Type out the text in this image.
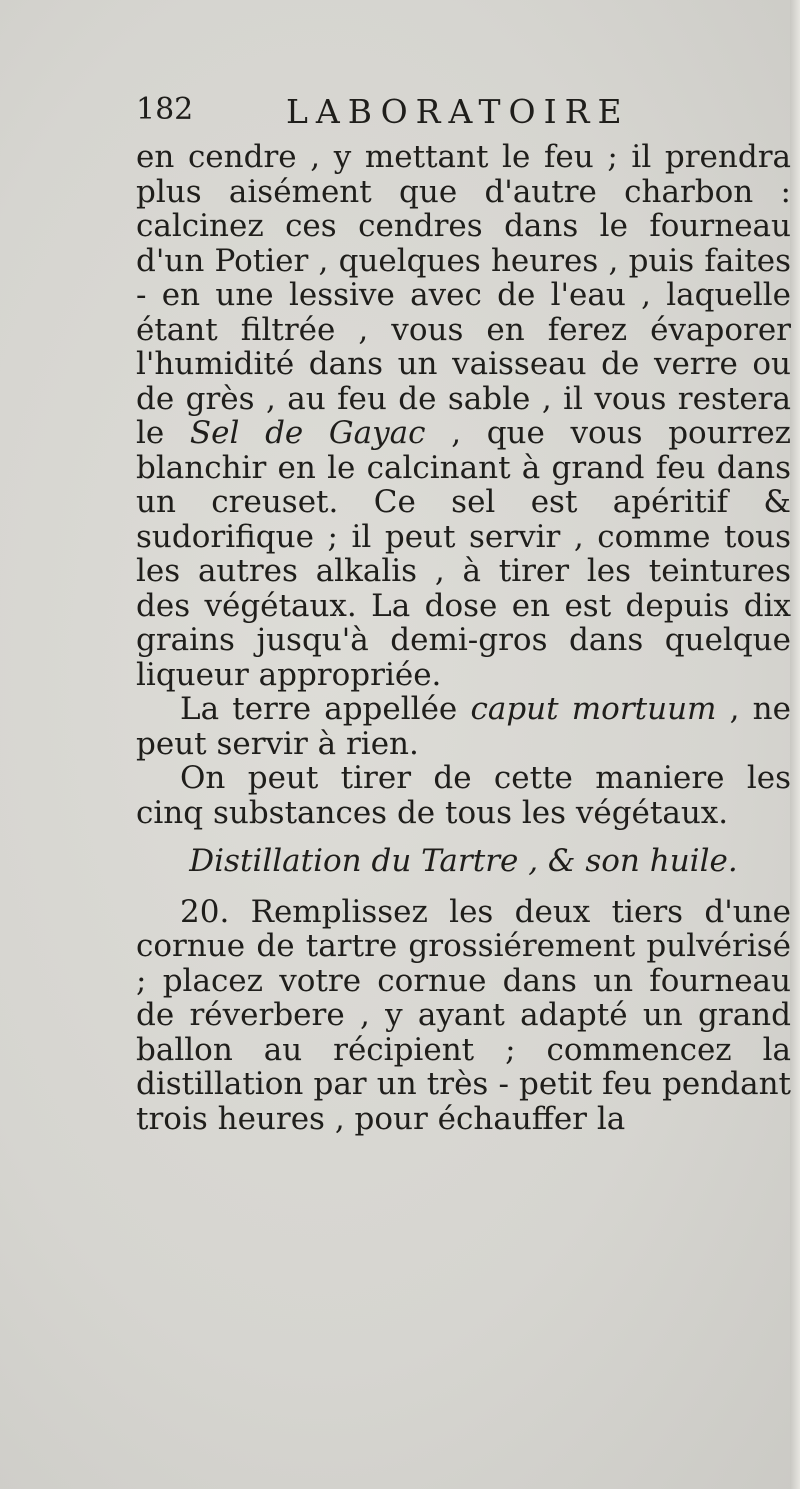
182	LABORATOIRE

en cendre , y mettant le feu ; il prendra plus aisément que d'autre charbon : calcinez ces cendres dans le fourneau d'un Potier , quelques heures , puis faites - en une lessive avec de l'eau , laquelle étant filtrée , vous en ferez évaporer l'humidité dans un vaisseau de verre ou de grès , au feu de sable , il vous restera le Sel de Gayac , que vous pourrez blanchir en le calcinant à grand feu dans un creuset. Ce sel est apéritif & sudorifique ; il peut servir , comme tous les autres alkalis , à tirer les teintures des végétaux. La dose en est depuis dix grains jusqu'à demi-gros dans quelque liqueur appropriée.

La terre appellée caput mortuum , ne peut servir à rien.

On peut tirer de cette maniere les cinq substances de tous les végétaux.

Distillation du Tartre , & son huile.

20. Remplissez les deux tiers d'une cornue de tartre grossiérement pulvérisé ; placez votre cornue dans un fourneau de réverbere , y ayant adapté un grand ballon au récipient ; commencez la distillation par un très - petit feu pendant trois heures , pour échauffer la
